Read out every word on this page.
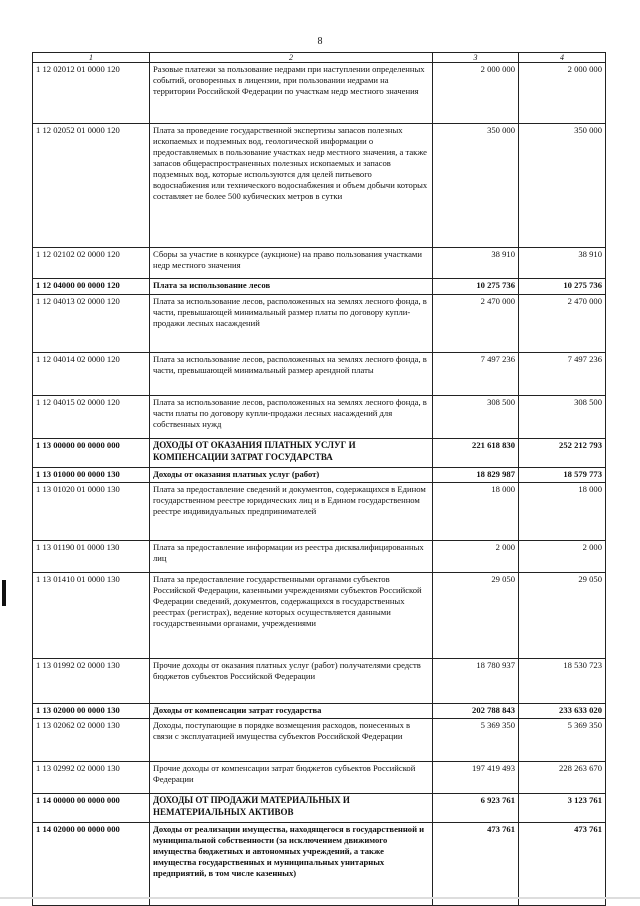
8
1	2	3	4
1 12 02012 01 0000 120	Разовые платежи за пользование недрами при наступлении определенных событий, оговоренных в лицензии, при пользовании недрами на территории Российской Федерации по участкам недр местного значения	2 000 000	2 000 000
1 12 02052 01 0000 120	Плата за проведение государственной экспертизы запасов полезных ископаемых и подземных вод, геологической информации о предоставляемых в пользование участках недр местного значения, а также запасов общераспространенных полезных ископаемых и запасов подземных вод, которые используются для целей питьевого водоснабжения или технического водоснабжения и объем добычи которых составляет не более 500 кубических метров в сутки	350 000	350 000
1 12 02102 02 0000 120	Сборы за участие в конкурсе (аукционе) на право пользования участками недр местного значения	38 910	38 910
1 12 04000 00 0000 120	Плата за использование лесов	10 275 736	10 275 736
1 12 04013 02 0000 120	Плата за использование лесов, расположенных на землях лесного фонда, в части, превышающей минимальный размер платы по договору купли-продажи лесных насаждений	2 470 000	2 470 000
1 12 04014 02 0000 120	Плата за использование лесов, расположенных на землях лесного фонда, в части, превышающей минимальный размер арендной платы	7 497 236	7 497 236
1 12 04015 02 0000 120	Плата за использование лесов, расположенных на землях лесного фонда, в части платы по договору купли-продажи лесных насаждений для собственных нужд	308 500	308 500
1 13 00000 00 0000 000	ДОХОДЫ ОТ ОКАЗАНИЯ ПЛАТНЫХ УСЛУГ И КОМПЕНСАЦИИ ЗАТРАТ ГОСУДАРСТВА	221 618 830	252 212 793
1 13 01000 00 0000 130	Доходы от оказания платных услуг (работ)	18 829 987	18 579 773
1 13 01020 01 0000 130	Плата за предоставление сведений и документов, содержащихся в Едином государственном реестре юридических лиц и в Едином государственном реестре индивидуальных предпринимателей	18 000	18 000
1 13 01190 01 0000 130	Плата за предоставление информации из реестра дисквалифицированных лиц	2 000	2 000
1 13 01410 01 0000 130	Плата за предоставление государственными органами субъектов Российской Федерации, казенными учреждениями субъектов Российской Федерации сведений, документов, содержащихся в государственных реестрах (регистрах), ведение которых осуществляется данными государственными органами, учреждениями	29 050	29 050
1 13 01992 02 0000 130	Прочие доходы от оказания платных услуг (работ) получателями средств бюджетов субъектов Российской Федерации	18 780 937	18 530 723
1 13 02000 00 0000 130	Доходы от компенсации затрат государства	202 788 843	233 633 020
1 13 02062 02 0000 130	Доходы, поступающие в порядке возмещения расходов, понесенных в связи с эксплуатацией имущества субъектов Российской Федерации	5 369 350	5 369 350
1 13 02992 02 0000 130	Прочие доходы от компенсации затрат бюджетов субъектов Российской Федерации	197 419 493	228 263 670
1 14 00000 00 0000 000	ДОХОДЫ ОТ ПРОДАЖИ МАТЕРИАЛЬНЫХ И НЕМАТЕРИАЛЬНЫХ АКТИВОВ	6 923 761	3 123 761
1 14 02000 00 0000 000	Доходы от реализации имущества, находящегося в государственной и муниципальной собственности (за исключением движимого имущества бюджетных и автономных учреждений, а также имущества государственных и муниципальных унитарных предприятий, в том числе казенных)	473 761	473 761
